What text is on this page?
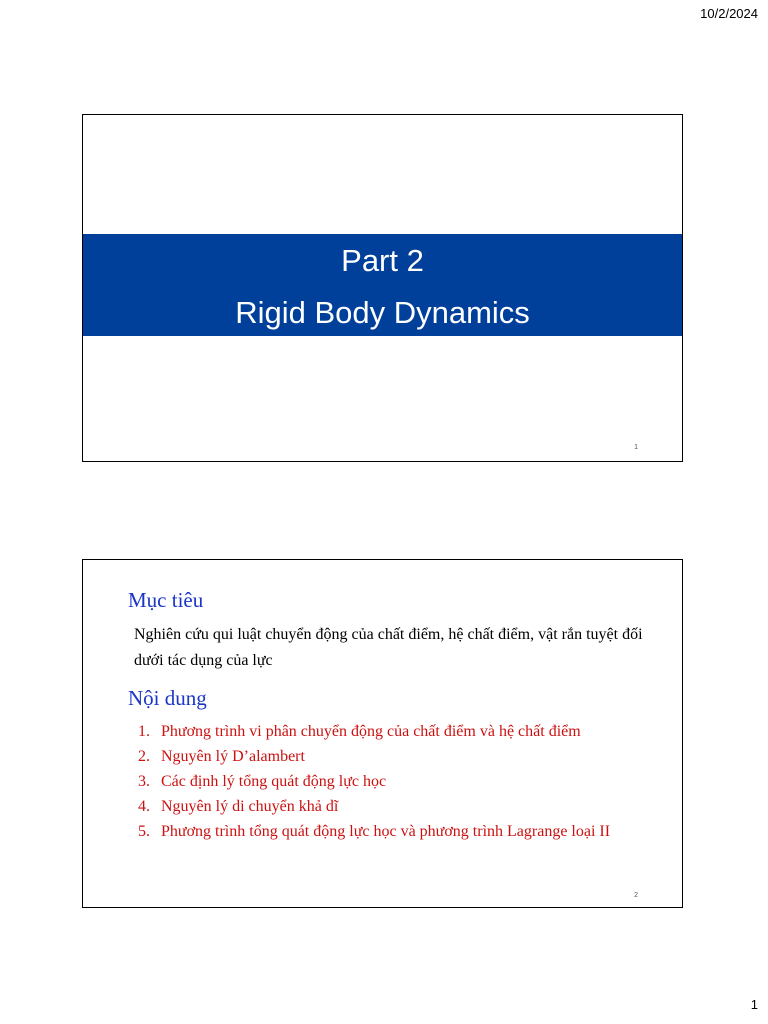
10/2/2024
Part 2
Rigid Body Dynamics
1
Mục tiêu
Nghiên cứu qui luật chuyển động của chất điểm, hệ chất điểm, vật rắn tuyệt đối dưới tác dụng của lực
Nội dung
1. Phương trình vi phân chuyển động của chất điểm và hệ chất điểm
2. Nguyên lý D’alambert
3. Các định lý tổng quát động lực học
4. Nguyên lý di chuyển khả dĩ
5. Phương trình tổng quát động lực học và phương trình Lagrange loại II
2
1
